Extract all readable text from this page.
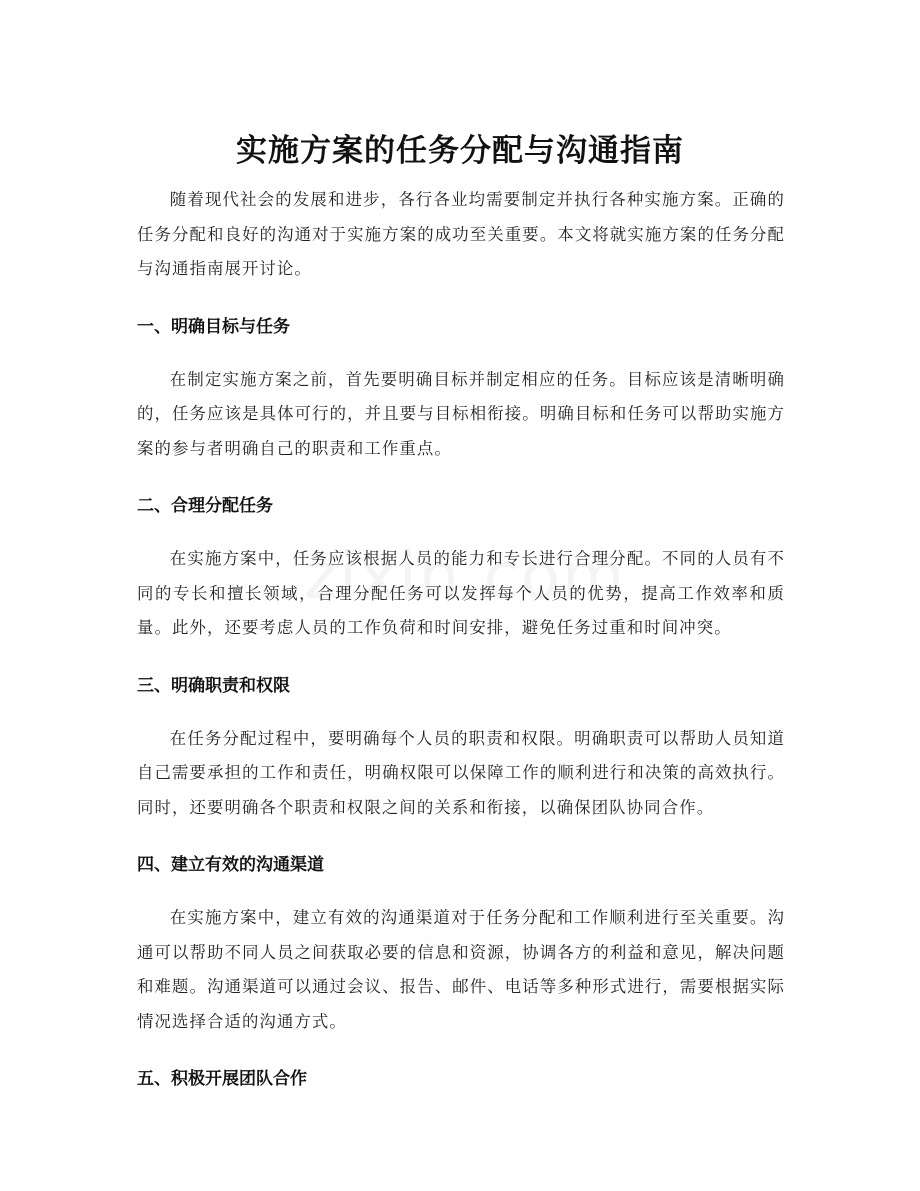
实施方案的任务分配与沟通指南

随着现代社会的发展和进步，各行各业均需要制定并执行各种实施方案。正确的任务分配和良好的沟通对于实施方案的成功至关重要。本文将就实施方案的任务分配与沟通指南展开讨论。

一、明确目标与任务

在制定实施方案之前，首先要明确目标并制定相应的任务。目标应该是清晰明确的，任务应该是具体可行的，并且要与目标相衔接。明确目标和任务可以帮助实施方案的参与者明确自己的职责和工作重点。

二、合理分配任务

在实施方案中，任务应该根据人员的能力和专长进行合理分配。不同的人员有不同的专长和擅长领域，合理分配任务可以发挥每个人员的优势，提高工作效率和质量。此外，还要考虑人员的工作负荷和时间安排，避免任务过重和时间冲突。

三、明确职责和权限

在任务分配过程中，要明确每个人员的职责和权限。明确职责可以帮助人员知道自己需要承担的工作和责任，明确权限可以保障工作的顺利进行和决策的高效执行。同时，还要明确各个职责和权限之间的关系和衔接，以确保团队协同合作。

四、建立有效的沟通渠道

在实施方案中，建立有效的沟通渠道对于任务分配和工作顺利进行至关重要。沟通可以帮助不同人员之间获取必要的信息和资源，协调各方的利益和意见，解决问题和难题。沟通渠道可以通过会议、报告、邮件、电话等多种形式进行，需要根据实际情况选择合适的沟通方式。

五、积极开展团队合作
